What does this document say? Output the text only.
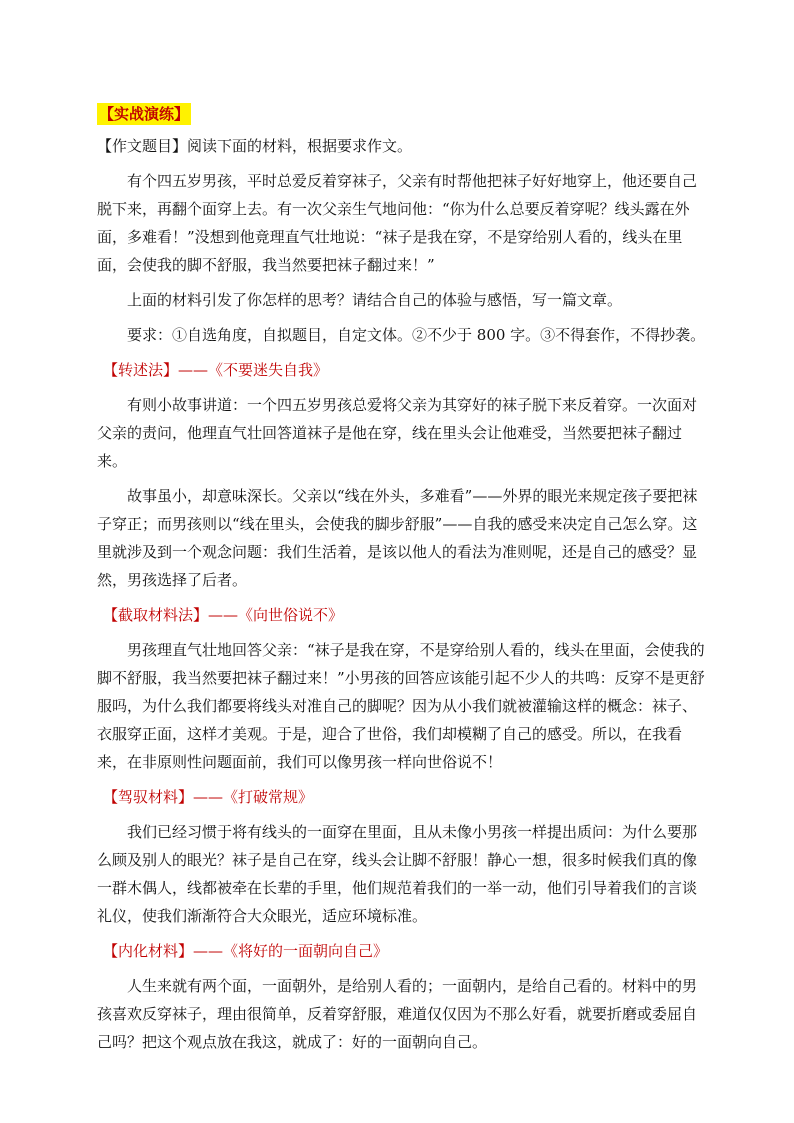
【实战演练】

【作文题目】阅读下面的材料，根据要求作文。

有个四五岁男孩，平时总爱反着穿袜子，父亲有时帮他把袜子好好地穿上，他还要自己脱下来，再翻个面穿上去。有一次父亲生气地问他：“你为什么总要反着穿呢？线头露在外面，多难看！”没想到他竟理直气壮地说：“袜子是我在穿，不是穿给别人看的，线头在里面，会使我的脚不舒服，我当然要把袜子翻过来！”

上面的材料引发了你怎样的思考？请结合自己的体验与感悟，写一篇文章。

要求：①自选角度，自拟题目，自定文体。②不少于 800 字。③不得套作，不得抄袭。

【转述法】——《不要迷失自我》

有则小故事讲道：一个四五岁男孩总爱将父亲为其穿好的袜子脱下来反着穿。一次面对父亲的责问，他理直气壮回答道袜子是他在穿，线在里头会让他难受，当然要把袜子翻过来。

故事虽小，却意味深长。父亲以“线在外头，多难看”——外界的眼光来规定孩子要把袜子穿正；而男孩则以“线在里头，会使我的脚步舒服”——自我的感受来决定自己怎么穿。这里就涉及到一个观念问题：我们生活着，是该以他人的看法为准则呢，还是自己的感受？显然，男孩选择了后者。

【截取材料法】——《向世俗说不》

男孩理直气壮地回答父亲：“袜子是我在穿，不是穿给别人看的，线头在里面，会使我的脚不舒服，我当然要把袜子翻过来！”小男孩的回答应该能引起不少人的共鸣：反穿不是更舒服吗，为什么我们都要将线头对准自己的脚呢？因为从小我们就被灌输这样的概念：袜子、衣服穿正面，这样才美观。于是，迎合了世俗，我们却模糊了自己的感受。所以，在我看来，在非原则性问题面前，我们可以像男孩一样向世俗说不！

【驾驭材料】——《打破常规》

我们已经习惯于将有线头的一面穿在里面，且从未像小男孩一样提出质问：为什么要那么顾及别人的眼光？袜子是自己在穿，线头会让脚不舒服！静心一想，很多时候我们真的像一群木偶人，线都被牵在长辈的手里，他们规范着我们的一举一动，他们引导着我们的言谈礼仪，使我们渐渐符合大众眼光，适应环境标准。

【内化材料】——《将好的一面朝向自己》

人生来就有两个面，一面朝外，是给别人看的；一面朝内，是给自己看的。材料中的男孩喜欢反穿袜子，理由很简单，反着穿舒服，难道仅仅因为不那么好看，就要折磨或委屈自己吗？把这个观点放在我这，就成了：好的一面朝向自己。
